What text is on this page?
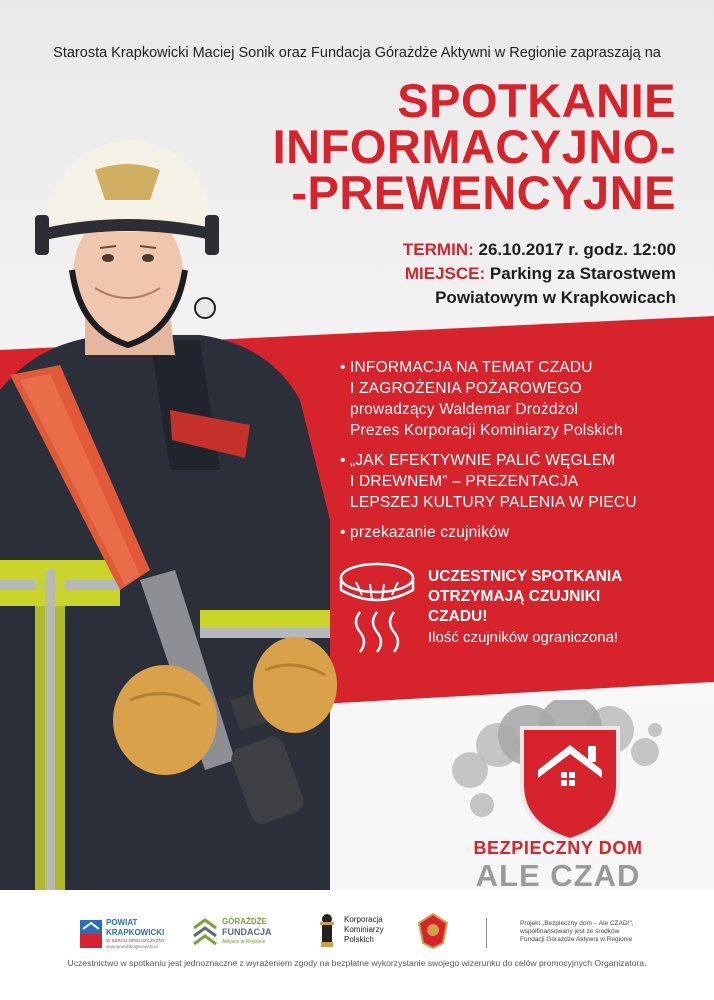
Starosta Krapkowicki Maciej Sonik oraz Fundacja Górażdże Aktywni w Regionie zapraszają na
SPOTKANIE
INFORMACYJNO-
-PREWENCYJNE
TERMIN: 26.10.2017 r. godz. 12:00
MIEJSCE: Parking za Starostwem
Powiatowym w Krapkowicach
• INFORMACJA NA TEMAT CZADU
I ZAGROŻENIA POŻAROWEGO
prowadzący Waldemar Drożdżol
Prezes Korporacji Kominiarzy Polskich
• „JAK EFEKTYWNIE PALIĆ WĘGLEM
I DREWNEM” – PREZENTACJA
LEPSZEJ KULTURY PALENIA W PIECU
• przekazanie czujników
UCZESTNICY SPOTKANIA
OTRZYMAJĄ CZUJNIKI
CZADU!
Ilość czujników ograniczona!
BEZPIECZNY DOM
ALE CZAD
POWIAT
KRAPKOWICKI
W SERCU OPOLSZCZYZNY
www.powiatkrapkowicki.pl
GÓRAŻDŻE
FUNDACJA
Aktywni w Regionie
Korporacja
Kominiarzy
Polskich
Projekt „Bezpieczny dom – Ale CZAD!”,
współfinansowany jest ze środków
Fundacji Górażdże Aktywni w Regionie
Uczestnictwo w spotkaniu jest jednoznaczne z wyrażeniem zgody na bezpłatne wykorzystanie swojego wizerunku do celów promocyjnych Organizatora.
